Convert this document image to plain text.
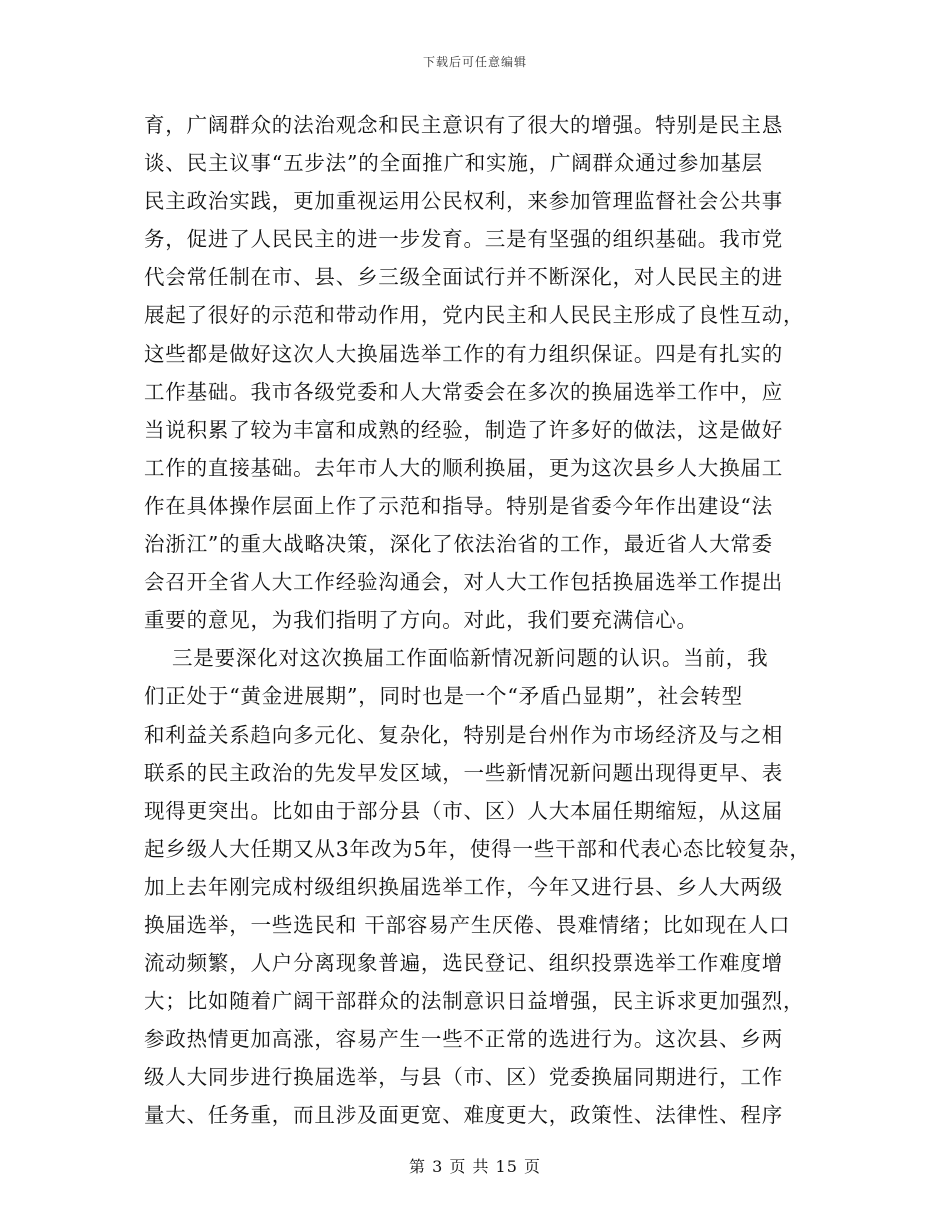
下载后可任意编辑
育，广阔群众的法治观念和民主意识有了很大的增强。特别是民主恳
谈、民主议事“五步法”的全面推广和实施，广阔群众通过参加基层
民主政治实践，更加重视运用公民权利，来参加管理监督社会公共事
务，促进了人民民主的进一步发育。三是有坚强的组织基础。我市党
代会常任制在市、县、乡三级全面试行并不断深化，对人民民主的进
展起了很好的示范和带动作用，党内民主和人民民主形成了良性互动，
这些都是做好这次人大换届选举工作的有力组织保证。四是有扎实的
工作基础。我市各级党委和人大常委会在多次的换届选举工作中，应
当说积累了较为丰富和成熟的经验，制造了许多好的做法，这是做好
工作的直接基础。去年市人大的顺利换届，更为这次县乡人大换届工
作在具体操作层面上作了示范和指导。特别是省委今年作出建设“法
治浙江”的重大战略决策，深化了依法治省的工作，最近省人大常委
会召开全省人大工作经验沟通会，对人大工作包括换届选举工作提出
重要的意见，为我们指明了方向。对此，我们要充满信心。
三是要深化对这次换届工作面临新情况新问题的认识。当前，我
们正处于“黄金进展期”，同时也是一个“矛盾凸显期”，社会转型
和利益关系趋向多元化、复杂化，特别是台州作为市场经济及与之相
联系的民主政治的先发早发区域，一些新情况新问题出现得更早、表
现得更突出。比如由于部分县（市、区）人大本届任期缩短，从这届
起乡级人大任期又从3年改为5年，使得一些干部和代表心态比较复杂，
加上去年刚完成村级组织换届选举工作，今年又进行县、乡人大两级
换届选举，一些选民和 干部容易产生厌倦、畏难情绪；比如现在人口
流动频繁，人户分离现象普遍，选民登记、组织投票选举工作难度增
大；比如随着广阔干部群众的法制意识日益增强，民主诉求更加强烈，
参政热情更加高涨，容易产生一些不正常的选进行为。这次县、乡两
级人大同步进行换届选举，与县（市、区）党委换届同期进行，工作
量大、任务重，而且涉及面更宽、难度更大，政策性、法律性、程序
第 3 页 共 15 页
